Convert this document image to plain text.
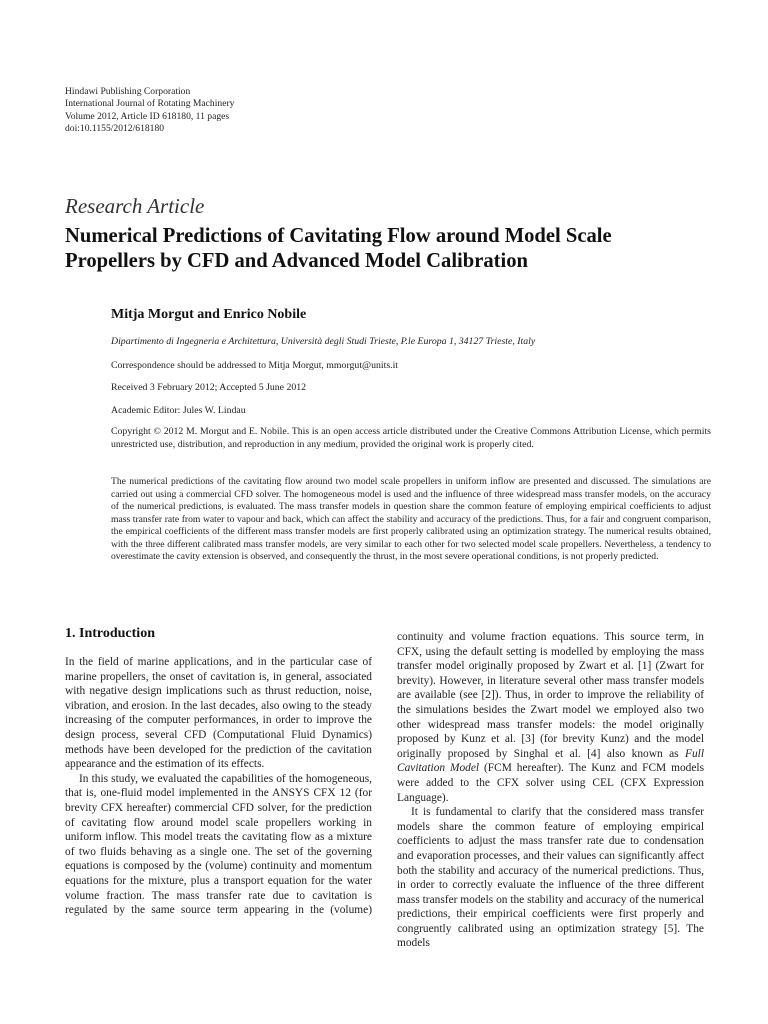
Hindawi Publishing Corporation
International Journal of Rotating Machinery
Volume 2012, Article ID 618180, 11 pages
doi:10.1155/2012/618180
Research Article
Numerical Predictions of Cavitating Flow around Model Scale
Propellers by CFD and Advanced Model Calibration
Mitja Morgut and Enrico Nobile
Dipartimento di Ingegneria e Architettura, Università degli Studi Trieste, P.le Europa 1, 34127 Trieste, Italy
Correspondence should be addressed to Mitja Morgut, mmorgut@units.it
Received 3 February 2012; Accepted 5 June 2012
Academic Editor: Jules W. Lindau
Copyright © 2012 M. Morgut and E. Nobile. This is an open access article distributed under the Creative Commons Attribution License, which permits unrestricted use, distribution, and reproduction in any medium, provided the original work is properly cited.
The numerical predictions of the cavitating flow around two model scale propellers in uniform inflow are presented and discussed. The simulations are carried out using a commercial CFD solver. The homogeneous model is used and the influence of three widespread mass transfer models, on the accuracy of the numerical predictions, is evaluated. The mass transfer models in question share the common feature of employing empirical coefficients to adjust mass transfer rate from water to vapour and back, which can affect the stability and accuracy of the predictions. Thus, for a fair and congruent comparison, the empirical coefficients of the different mass transfer models are first properly calibrated using an optimization strategy. The numerical results obtained, with the three different calibrated mass transfer models, are very similar to each other for two selected model scale propellers. Nevertheless, a tendency to overestimate the cavity extension is observed, and consequently the thrust, in the most severe operational conditions, is not properly predicted.
1. Introduction

In the field of marine applications, and in the particular case of marine propellers, the onset of cavitation is, in general, associated with negative design implications such as thrust reduction, noise, vibration, and erosion. In the last decades, also owing to the steady increasing of the computer performances, in order to improve the design process, several CFD (Computational Fluid Dynamics) methods have been developed for the prediction of the cavitation appearance and the estimation of its effects.

In this study, we evaluated the capabilities of the homogeneous, that is, one-fluid model implemented in the ANSYS CFX 12 (for brevity CFX hereafter) commercial CFD solver, for the prediction of cavitating flow around model scale propellers working in uniform inflow. This model treats the cavitating flow as a mixture of two fluids behaving as a single one. The set of the governing equations is composed by the (volume) continuity and momentum equations for the mixture, plus a transport equation for the water volume fraction. The mass transfer rate due to cavitation is regulated by the same source term appearing in the (volume)

continuity and volume fraction equations. This source term, in CFX, using the default setting is modelled by employing the mass transfer model originally proposed by Zwart et al. [1] (Zwart for brevity). However, in literature several other mass transfer models are available (see [2]). Thus, in order to improve the reliability of the simulations besides the Zwart model we employed also two other widespread mass transfer models: the model originally proposed by Kunz et al. [3] (for brevity Kunz) and the model originally proposed by Singhal et al. [4] also known as Full Cavitation Model (FCM hereafter). The Kunz and FCM models were added to the CFX solver using CEL (CFX Expression Language).

It is fundamental to clarify that the considered mass transfer models share the common feature of employing empirical coefficients to adjust the mass transfer rate due to condensation and evaporation processes, and their values can significantly affect both the stability and accuracy of the numerical predictions. Thus, in order to correctly evaluate the influence of the three different mass transfer models on the stability and accuracy of the numerical predictions, their empirical coefficients were first properly and congruently calibrated using an optimization strategy [5]. The models
